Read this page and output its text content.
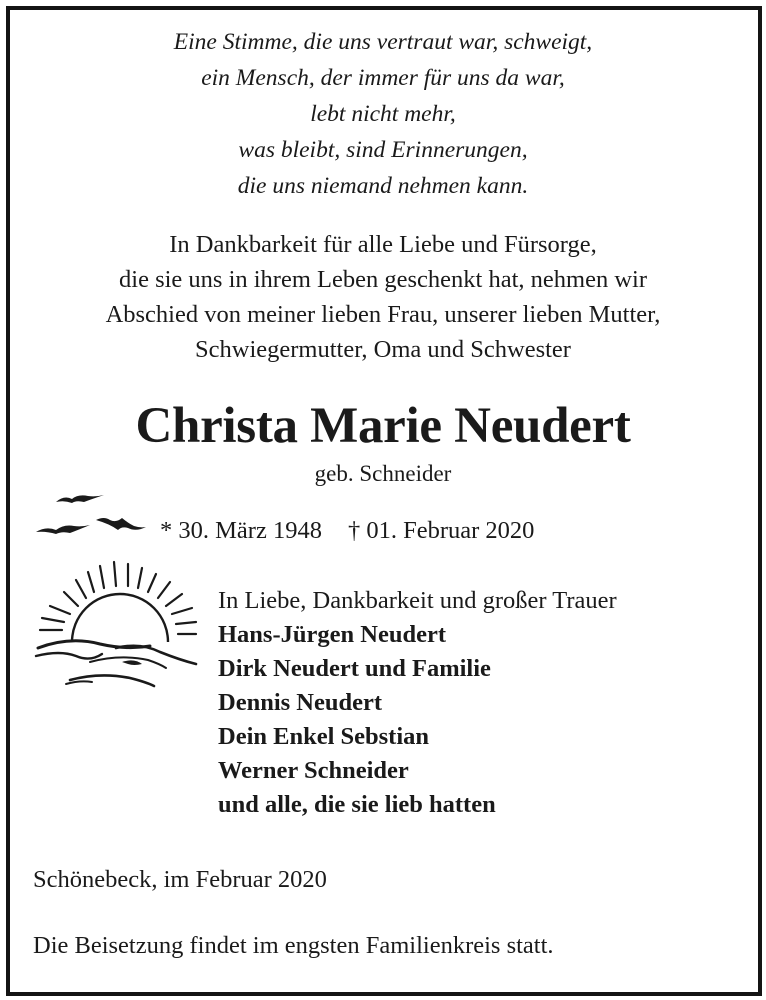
Eine Stimme, die uns vertraut war, schweigt,
ein Mensch, der immer für uns da war,
lebt nicht mehr,
was bleibt, sind Erinnerungen,
die uns niemand nehmen kann.
In Dankbarkeit für alle Liebe und Fürsorge,
die sie uns in ihrem Leben geschenkt hat, nehmen wir
Abschied von meiner lieben Frau, unserer lieben Mutter,
Schwiegermutter, Oma und Schwester
Christa Marie Neudert
geb. Schneider
* 30. März 1948 † 01. Februar 2020
In Liebe, Dankbarkeit und großer Trauer
Hans-Jürgen Neudert
Dirk Neudert und Familie
Dennis Neudert
Dein Enkel Sebstian
Werner Schneider
und alle, die sie lieb hatten
Schönebeck, im Februar 2020
Die Beisetzung findet im engsten Familienkreis statt.
